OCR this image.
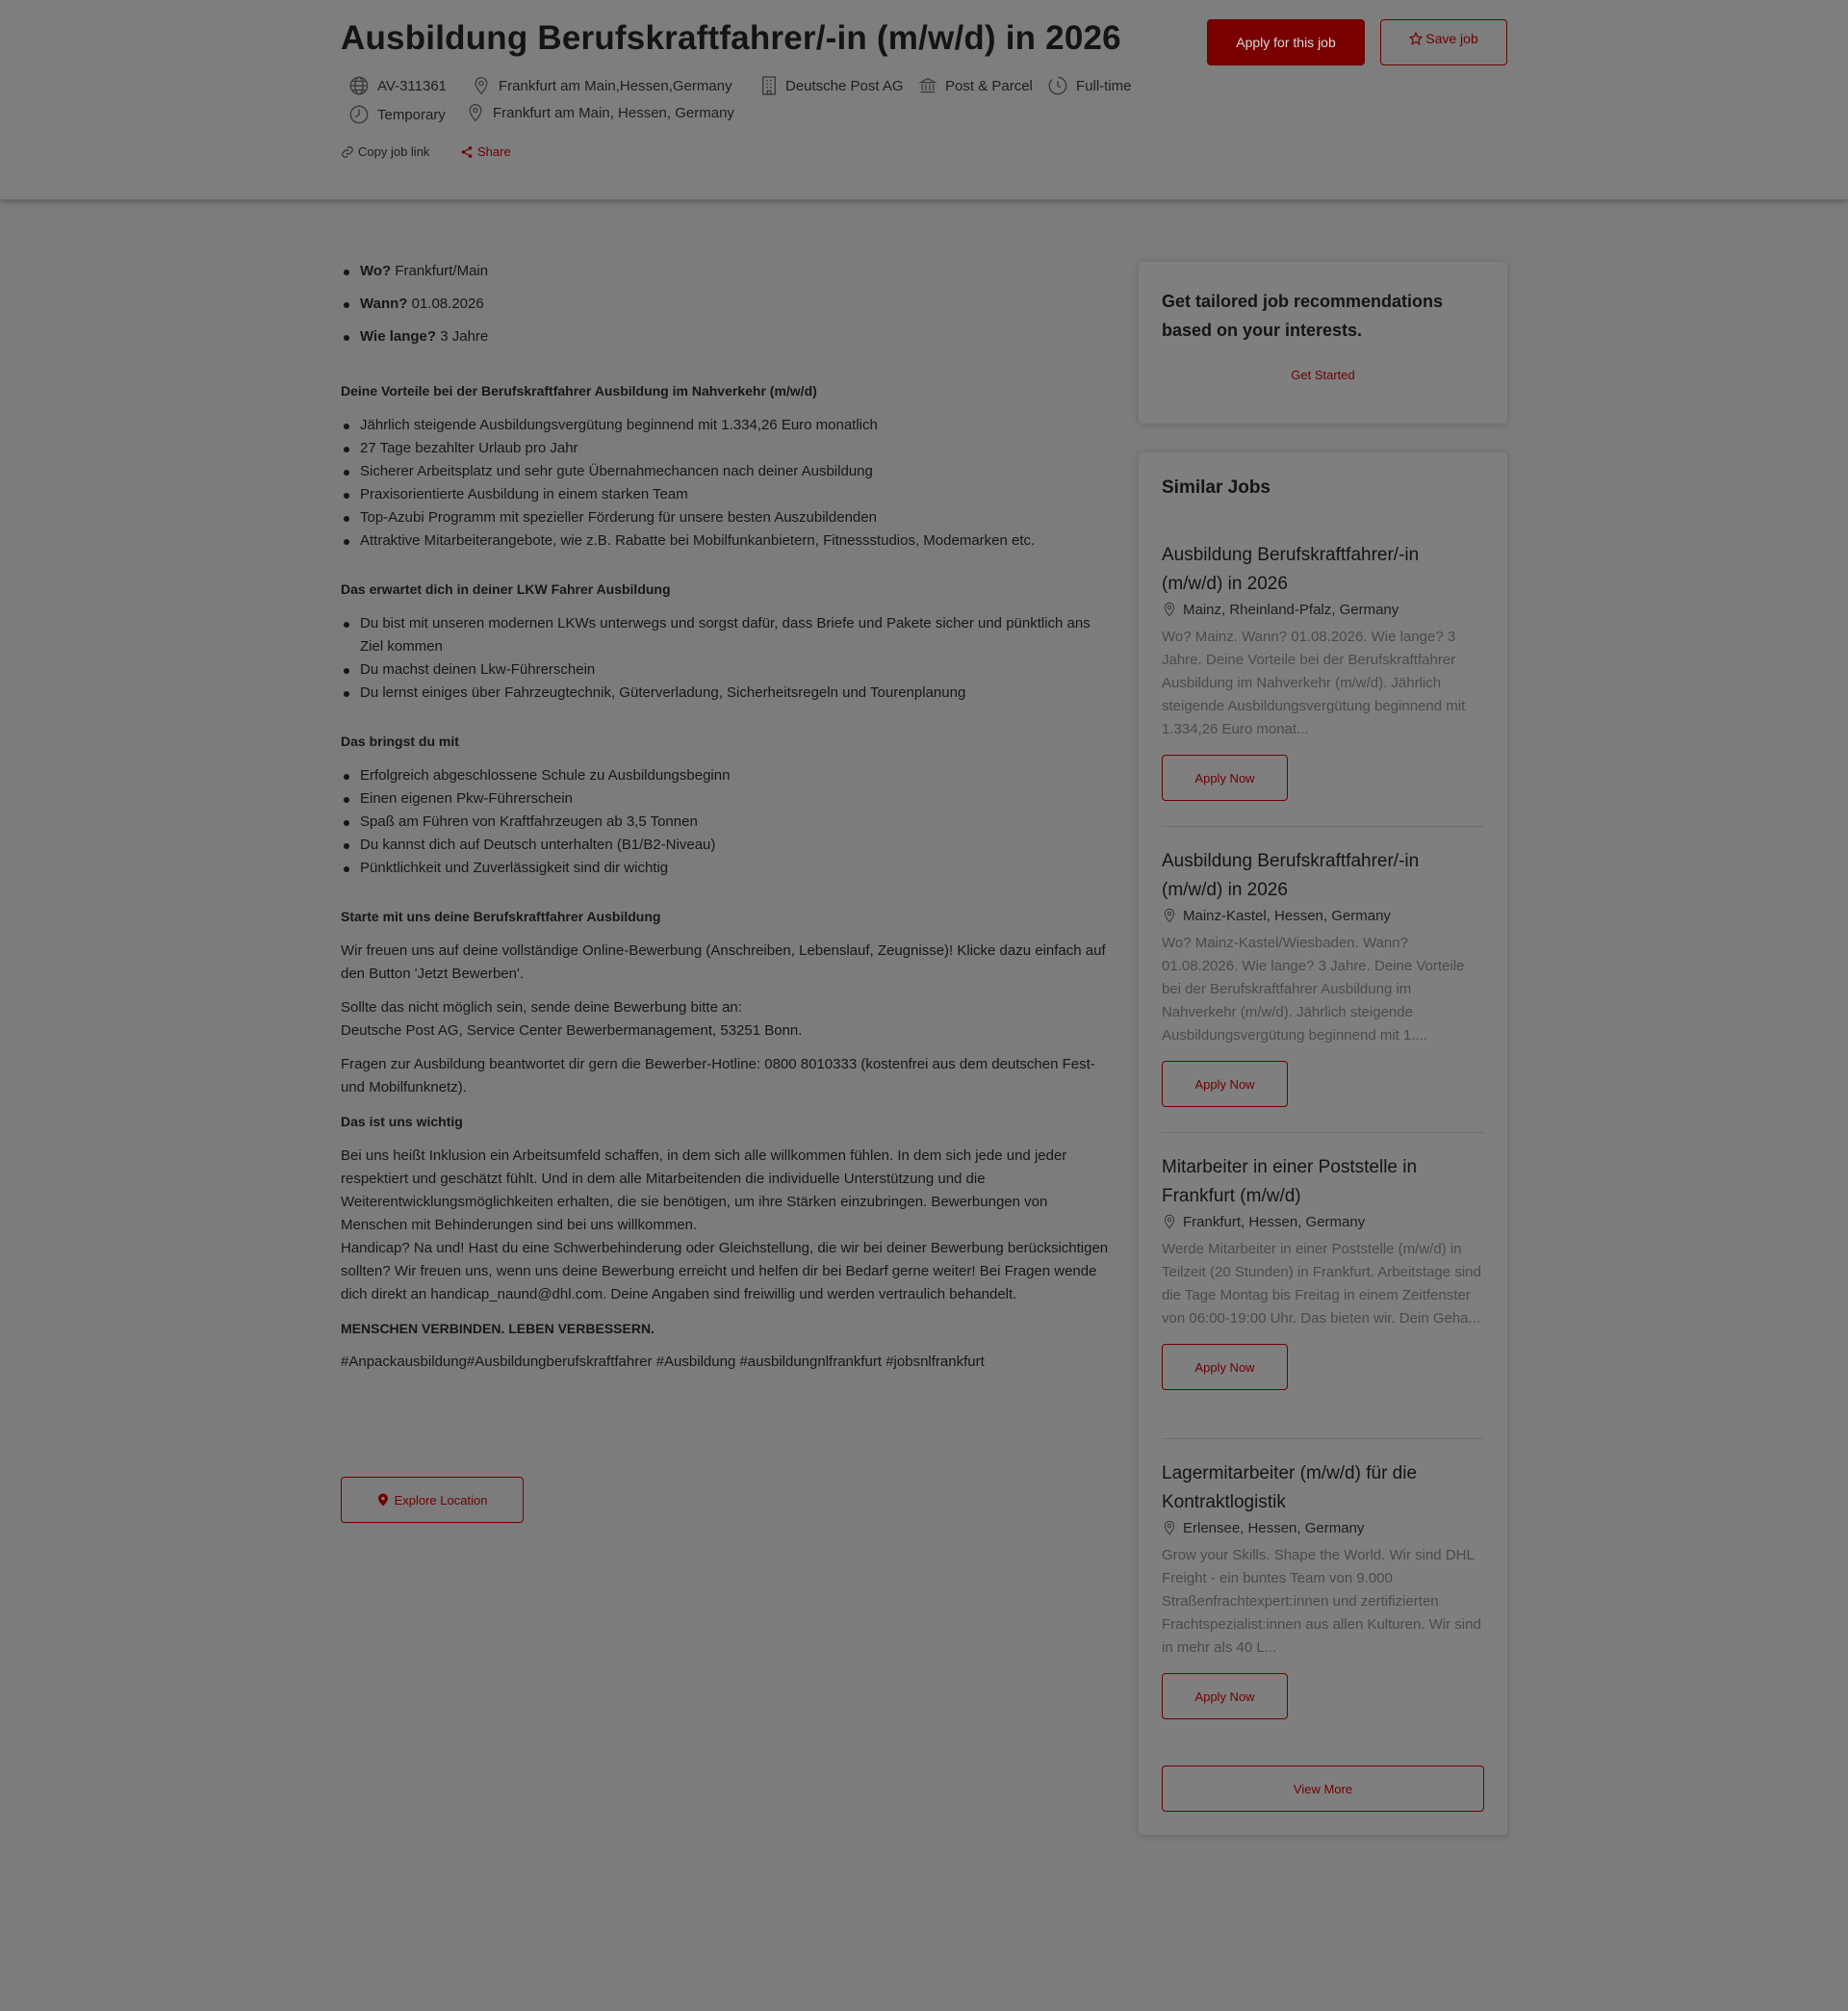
Ausbildung Berufskraftfahrer/-in (m/w/d) in 2026	Apply for this job	Save job
AV-311361	Frankfurt am Main,Hessen,Germany	Deutsche Post AG	Post & Parcel	Full-time
Temporary	Frankfurt am Main, Hessen, Germany
Copy job link	Share
Wo? Frankfurt/Main
Wann? 01.08.2026
Wie lange? 3 Jahre
Deine Vorteile bei der Berufskraftfahrer Ausbildung im Nahverkehr (m/w/d)
Jährlich steigende Ausbildungsvergütung beginnend mit 1.334,26 Euro monatlich
27 Tage bezahlter Urlaub pro Jahr
Sicherer Arbeitsplatz und sehr gute Übernahmechancen nach deiner Ausbildung
Praxisorientierte Ausbildung in einem starken Team
Top-Azubi Programm mit spezieller Förderung für unsere besten Auszubildenden
Attraktive Mitarbeiterangebote, wie z.B. Rabatte bei Mobilfunkanbietern, Fitnessstudios, Modemarken etc.
Das erwartet dich in deiner LKW Fahrer Ausbildung
Du bist mit unseren modernen LKWs unterwegs und sorgst dafür, dass Briefe und Pakete sicher und pünktlich ans Ziel kommen
Du machst deinen Lkw-Führerschein
Du lernst einiges über Fahrzeugtechnik, Güterverladung, Sicherheitsregeln und Tourenplanung
Das bringst du mit
Erfolgreich abgeschlossene Schule zu Ausbildungsbeginn
Einen eigenen Pkw-Führerschein
Spaß am Führen von Kraftfahrzeugen ab 3,5 Tonnen
Du kannst dich auf Deutsch unterhalten (B1/B2-Niveau)
Pünktlichkeit und Zuverlässigkeit sind dir wichtig
Starte mit uns deine Berufskraftfahrer Ausbildung

Wir freuen uns auf deine vollständige Online-Bewerbung (Anschreiben, Lebenslauf, Zeugnisse)! Klicke dazu einfach auf den Button 'Jetzt Bewerben'.

Sollte das nicht möglich sein, sende deine Bewerbung bitte an:
Deutsche Post AG, Service Center Bewerbermanagement, 53251 Bonn.

Fragen zur Ausbildung beantwortet dir gern die Bewerber-Hotline: 0800 8010333 (kostenfrei aus dem deutschen Fest- und Mobilfunknetz).

Das ist uns wichtig

Bei uns heißt Inklusion ein Arbeitsumfeld schaffen, in dem sich alle willkommen fühlen. In dem sich jede und jeder respektiert und geschätzt fühlt. Und in dem alle Mitarbeitenden die individuelle Unterstützung und die Weiterentwicklungsmöglichkeiten erhalten, die sie benötigen, um ihre Stärken einzubringen. Bewerbungen von Menschen mit Behinderungen sind bei uns willkommen.

Handicap? Na und! Hast du eine Schwerbehinderung oder Gleichstellung, die wir bei deiner Bewerbung berücksichtigen sollten? Wir freuen uns, wenn uns deine Bewerbung erreicht und helfen dir bei Bedarf gerne weiter! Bei Fragen wende dich direkt an handicap_naund@dhl.com. Deine Angaben sind freiwillig und werden vertraulich behandelt.

MENSCHEN VERBINDEN. LEBEN VERBESSERN.

#Anpackausbildung#Ausbildungberufskraftfahrer #Ausbildung #ausbildungnlfrankfurt #jobsnlfrankfurt

Explore Location
Get tailored job recommendations based on your interests.
Get Started
Similar Jobs
Ausbildung Berufskraftfahrer/-in (m/w/d) in 2026
Mainz, Rheinland-Pfalz, Germany
Wo? Mainz. Wann? 01.08.2026. Wie lange? 3 Jahre. Deine Vorteile bei der Berufskraftfahrer Ausbildung im Nahverkehr (m/w/d). Jährlich steigende Ausbildungsvergütung beginnend mit 1.334,26 Euro monat...
Apply Now
Ausbildung Berufskraftfahrer/-in (m/w/d) in 2026
Mainz-Kastel, Hessen, Germany
Wo? Mainz-Kastel/Wiesbaden. Wann? 01.08.2026. Wie lange? 3 Jahre. Deine Vorteile bei der Berufskraftfahrer Ausbildung im Nahverkehr (m/w/d). Jährlich steigende Ausbildungsvergütung beginnend mit 1....
Apply Now
Mitarbeiter in einer Poststelle in Frankfurt (m/w/d)
Frankfurt, Hessen, Germany
Werde Mitarbeiter in einer Poststelle (m/w/d) in Teilzeit (20 Stunden) in Frankfurt. Arbeitstage sind die Tage Montag bis Freitag in einem Zeitfenster von 06:00-19:00 Uhr. Das bieten wir. Dein Geha...
Apply Now
Lagermitarbeiter (m/w/d) für die Kontraktlogistik
Erlensee, Hessen, Germany
Grow your Skills. Shape the World. Wir sind DHL Freight - ein buntes Team von 9.000 Straßenfrachtexpert:innen und zertifizierten Frachtspezialist:innen aus allen Kulturen. Wir sind in mehr als 40 L...
Apply Now
View More
